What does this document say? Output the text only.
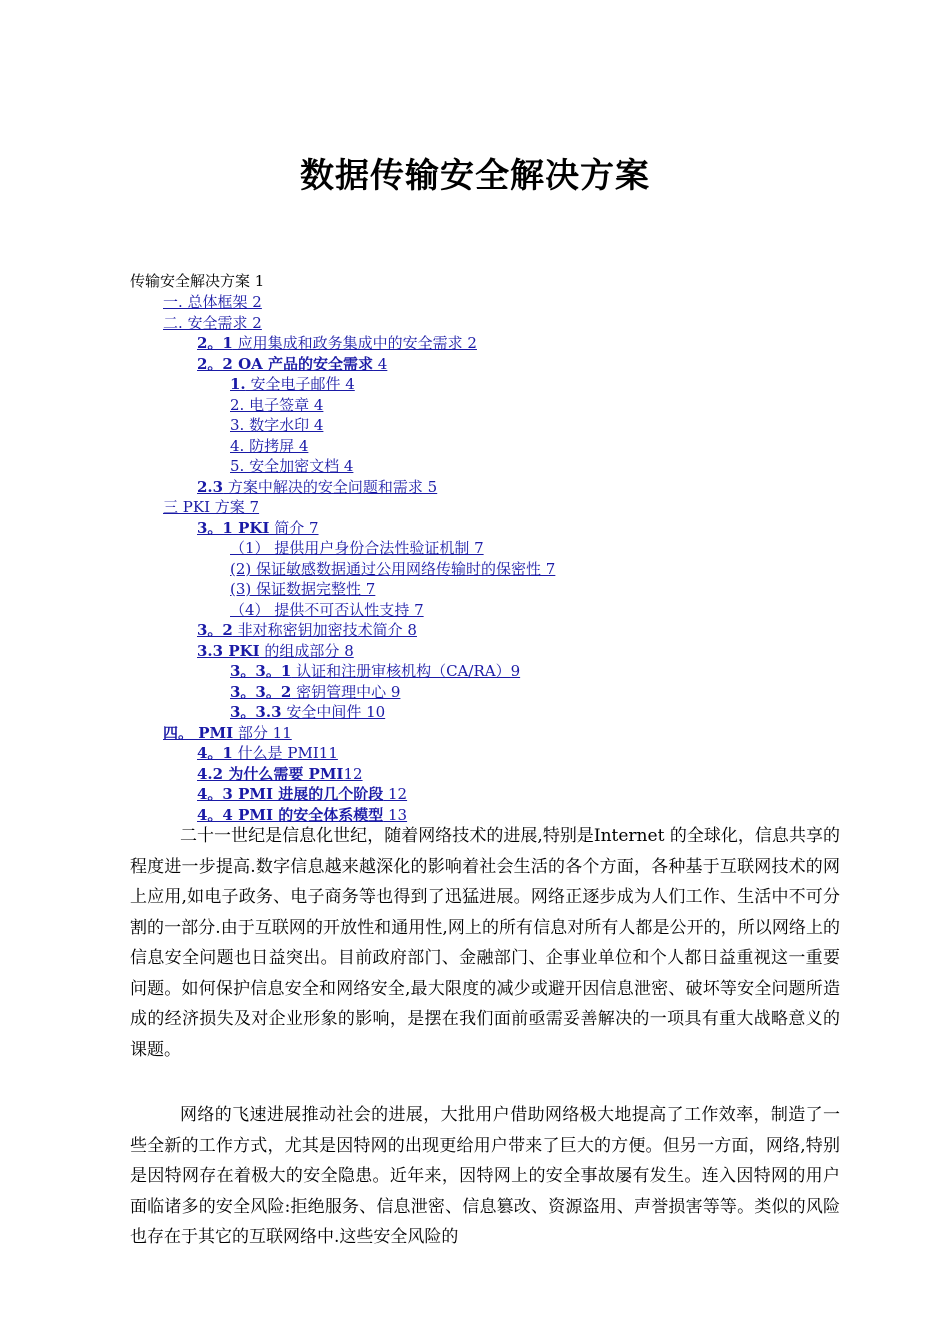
数据传输安全解决方案
传输安全解决方案 1
一. 总体框架 2
二. 安全需求 2
2。1 应用集成和政务集成中的安全需求 2
2。2 OA 产品的安全需求 4
1. 安全电子邮件 4
2. 电子签章 4
3. 数字水印 4
4. 防拷屏 4
5. 安全加密文档 4
2.3 方案中解决的安全问题和需求 5
三 PKI 方案 7
3。1 PKI 简介 7
（1） 提供用户身份合法性验证机制 7
(2) 保证敏感数据通过公用网络传输时的保密性 7
(3) 保证数据完整性 7
（4） 提供不可否认性支持 7
3。2 非对称密钥加密技术简介 8
3.3 PKI 的组成部分 8
3。3。1 认证和注册审核机构（CA/RA）9
3。3。2 密钥管理中心 9
3。3.3 安全中间件 10
四。 PMI 部分 11
4。1 什么是 PMI11
4.2 为什么需要 PMI12
4。3 PMI 进展的几个阶段 12
4。4 PMI 的安全体系模型 13

二十一世纪是信息化世纪，随着网络技术的进展,特别是Internet 的全球化，信息共享的程度进一步提高.数字信息越来越深化的影响着社会生活的各个方面，各种基于互联网技术的网上应用,如电子政务、电子商务等也得到了迅猛进展。网络正逐步成为人们工作、生活中不可分割的一部分.由于互联网的开放性和通用性,网上的所有信息对所有人都是公开的，所以网络上的信息安全问题也日益突出。目前政府部门、金融部门、企事业单位和个人都日益重视这一重要问题。如何保护信息安全和网络安全,最大限度的减少或避开因信息泄密、破坏等安全问题所造成的经济损失及对企业形象的影响，是摆在我们面前亟需妥善解决的一项具有重大战略意义的课题。

网络的飞速进展推动社会的进展，大批用户借助网络极大地提高了工作效率，制造了一些全新的工作方式，尤其是因特网的出现更给用户带来了巨大的方便。但另一方面，网络,特别是因特网存在着极大的安全隐患。近年来，因特网上的安全事故屡有发生。连入因特网的用户面临诸多的安全风险:拒绝服务、信息泄密、信息篡改、资源盗用、声誉损害等等。类似的风险也存在于其它的互联网络中.这些安全风险的
